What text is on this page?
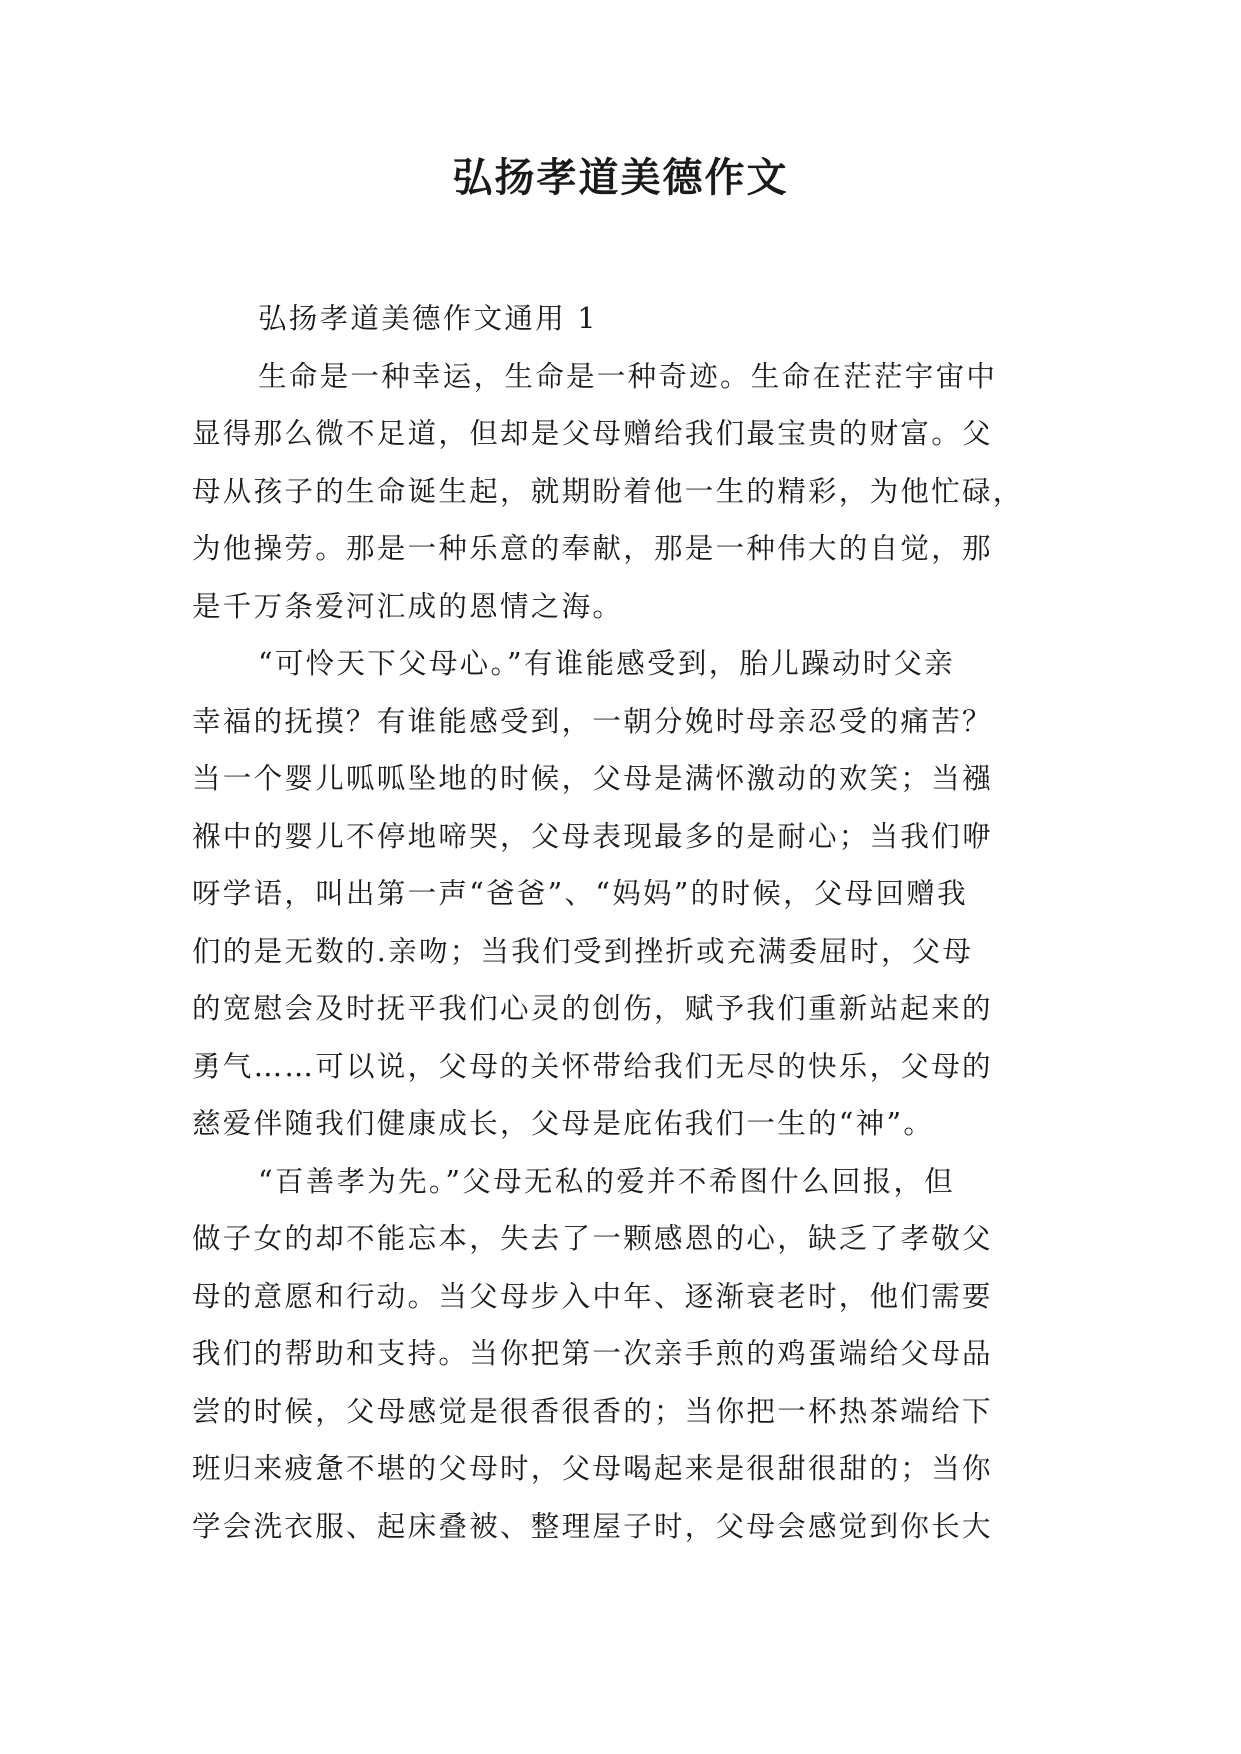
弘扬孝道美德作文
弘扬孝道美德作文通用 1
生命是一种幸运，生命是一种奇迹。生命在茫茫宇宙中
显得那么微不足道，但却是父母赠给我们最宝贵的财富。父
母从孩子的生命诞生起，就期盼着他一生的精彩，为他忙碌，
为他操劳。那是一种乐意的奉献，那是一种伟大的自觉，那
是千万条爱河汇成的恩情之海。
“可怜天下父母心。”有谁能感受到，胎儿躁动时父亲
幸福的抚摸？有谁能感受到，一朝分娩时母亲忍受的痛苦？
当一个婴儿呱呱坠地的时候，父母是满怀激动的欢笑；当襁
褓中的婴儿不停地啼哭，父母表现最多的是耐心；当我们咿
呀学语，叫出第一声“爸爸”、“妈妈”的时候，父母回赠我
们的是无数的.亲吻；当我们受到挫折或充满委屈时，父母
的宽慰会及时抚平我们心灵的创伤，赋予我们重新站起来的
勇气……可以说，父母的关怀带给我们无尽的快乐，父母的
慈爱伴随我们健康成长，父母是庇佑我们一生的“神”。
“百善孝为先。”父母无私的爱并不希图什么回报，但
做子女的却不能忘本，失去了一颗感恩的心，缺乏了孝敬父
母的意愿和行动。当父母步入中年、逐渐衰老时，他们需要
我们的帮助和支持。当你把第一次亲手煎的鸡蛋端给父母品
尝的时候，父母感觉是很香很香的；当你把一杯热茶端给下
班归来疲惫不堪的父母时，父母喝起来是很甜很甜的；当你
学会洗衣服、起床叠被、整理屋子时，父母会感觉到你长大
